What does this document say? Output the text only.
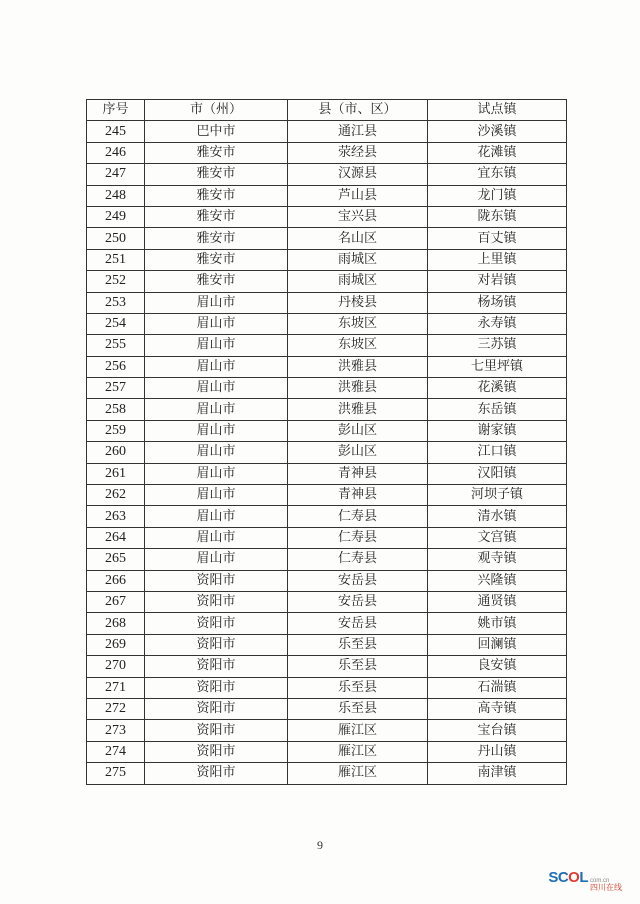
序号	市（州）	县（市、区）	试点镇
245	巴中市	通江县	沙溪镇
246	雅安市	荥经县	花滩镇
247	雅安市	汉源县	宜东镇
248	雅安市	芦山县	龙门镇
249	雅安市	宝兴县	陇东镇
250	雅安市	名山区	百丈镇
251	雅安市	雨城区	上里镇
252	雅安市	雨城区	对岩镇
253	眉山市	丹棱县	杨场镇
254	眉山市	东坡区	永寿镇
255	眉山市	东坡区	三苏镇
256	眉山市	洪雅县	七里坪镇
257	眉山市	洪雅县	花溪镇
258	眉山市	洪雅县	东岳镇
259	眉山市	彭山区	谢家镇
260	眉山市	彭山区	江口镇
261	眉山市	青神县	汉阳镇
262	眉山市	青神县	河坝子镇
263	眉山市	仁寿县	清水镇
264	眉山市	仁寿县	文宫镇
265	眉山市	仁寿县	观寺镇
266	资阳市	安岳县	兴隆镇
267	资阳市	安岳县	通贤镇
268	资阳市	安岳县	姚市镇
269	资阳市	乐至县	回澜镇
270	资阳市	乐至县	良安镇
271	资阳市	乐至县	石湍镇
272	资阳市	乐至县	高寺镇
273	资阳市	雁江区	宝台镇
274	资阳市	雁江区	丹山镇
275	资阳市	雁江区	南津镇
9
SCOL com.cn
四川在线
